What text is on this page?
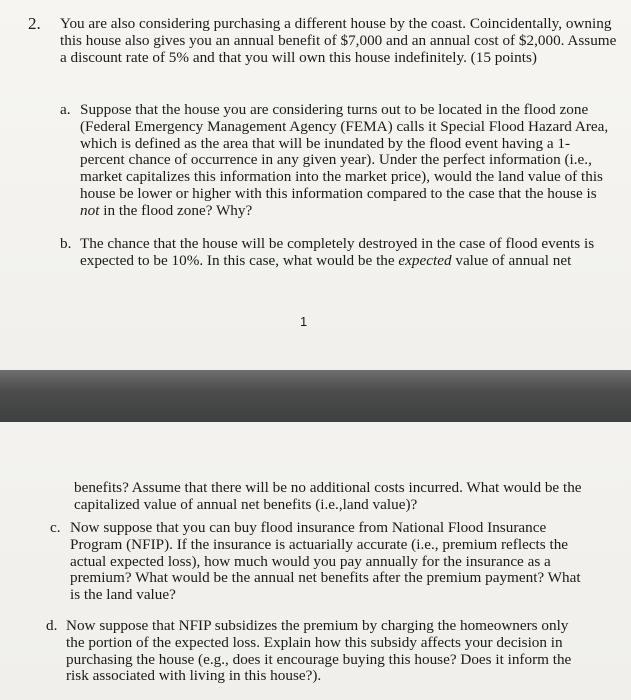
2. You are also considering purchasing a different house by the coast. Coincidentally, owning this house also gives you an annual benefit of $7,000 and an annual cost of $2,000. Assume a discount rate of 5% and that you will own this house indefinitely. (15 points)

a. Suppose that the house you are considering turns out to be located in the flood zone (Federal Emergency Management Agency (FEMA) calls it Special Flood Hazard Area, which is defined as the area that will be inundated by the flood event having a 1-percent chance of occurrence in any given year). Under the perfect information (i.e., market capitalizes this information into the market price), would the land value of this house be lower or higher with this information compared to the case that the house is not in the flood zone? Why?

b. The chance that the house will be completely destroyed in the case of flood events is expected to be 10%. In this case, what would be the expected value of annual net

1

benefits? Assume that there will be no additional costs incurred. What would be the capitalized value of annual net benefits (i.e.,land value)?

c. Now suppose that you can buy flood insurance from National Flood Insurance Program (NFIP). If the insurance is actuarially accurate (i.e., premium reflects the actual expected loss), how much would you pay annually for the insurance as a premium? What would be the annual net benefits after the premium payment? What is the land value?

d. Now suppose that NFIP subsidizes the premium by charging the homeowners only the portion of the expected loss. Explain how this subsidy affects your decision in purchasing the house (e.g., does it encourage buying this house? Does it inform the risk associated with living in this house?).
